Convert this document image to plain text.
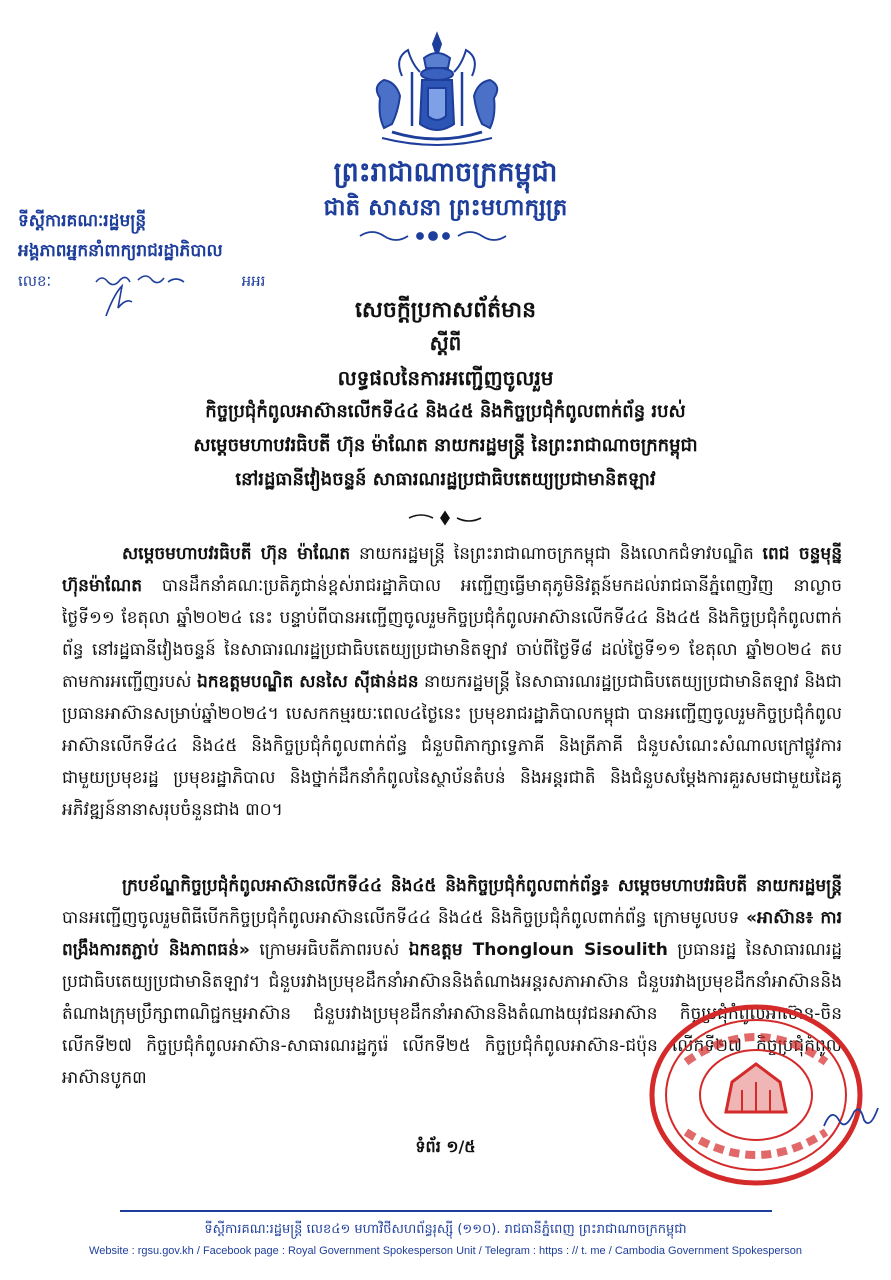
ព្រះរាជាណាចក្រកម្ពុជា
ជាតិ សាសនា ព្រះមហាក្សត្រ
ទីស្តីការគណៈរដ្ឋមន្ត្រី
អង្គភាពអ្នកនាំពាក្យរាជរដ្ឋាភិបាល
លេខៈ	អអរ
សេចក្តីប្រកាសព័ត៌មាន
ស្តីពី
លទ្ធផលនៃការអញ្ជើញចូលរួម
កិច្ចប្រជុំកំពូលអាស៊ានលើកទី៤៤ និង៤៥ និងកិច្ចប្រជុំកំពូលពាក់ព័ន្ធ របស់
សម្តេចមហាបវរធិបតី ហ៊ុន ម៉ាណែត នាយករដ្ឋមន្ត្រី នៃព្រះរាជាណាចក្រកម្ពុជា
នៅរដ្ឋធានីវៀងចន្ទន៍ សាធារណរដ្ឋប្រជាធិបតេយ្យប្រជាមានិតឡាវ
សម្តេចមហាបវរធិបតី ហ៊ុន ម៉ាណែត នាយករដ្ឋមន្ត្រី នៃព្រះរាជាណាចក្រកម្ពុជា និងលោកជំទាវបណ្ឌិត ពេជ ចន្ទមុន្នី ហ៊ុនម៉ាណែត បានដឹកនាំគណៈប្រតិភូជាន់ខ្ពស់រាជរដ្ឋាភិបាល អញ្ជើញធ្វើមាតុភូមិនិវត្តន៍មកដល់រាជធានីភ្នំពេញវិញ នាល្ងាចថ្ងៃទី១១ ខែតុលា ឆ្នាំ២០២៤ នេះ បន្ទាប់ពីបានអញ្ជើញចូលរួមកិច្ចប្រជុំកំពូលអាស៊ានលើកទី៤៤ និង៤៥ និងកិច្ចប្រជុំកំពូលពាក់ព័ន្ធ នៅរដ្ឋធានីវៀងចន្ទន៍ នៃសាធារណរដ្ឋប្រជាធិបតេយ្យប្រជាមានិតឡាវ ចាប់ពីថ្ងៃទី៨ ដល់ថ្ងៃទី១១ ខែតុលា ឆ្នាំ២០២៤ តបតាមការអញ្ជើញរបស់ ឯកឧត្តមបណ្ឌិត សនសៃ ស៊ីផាន់ដន នាយករដ្ឋមន្ត្រី នៃសាធារណរដ្ឋប្រជាធិបតេយ្យប្រជាមានិតឡាវ និងជាប្រធានអាស៊ានសម្រាប់ឆ្នាំ២០២៤។ បេសកកម្មរយៈពេល៤ថ្ងៃនេះ ប្រមុខរាជរដ្ឋាភិបាលកម្ពុជា បានអញ្ជើញចូលរួមកិច្ចប្រជុំកំពូលអាស៊ានលើកទី៤៤ និង៤៥ និងកិច្ចប្រជុំកំពូលពាក់ព័ន្ធ ជំនួបពិភាក្សាទ្វេភាគី និងត្រីភាគី ជំនួបសំណេះសំណាលក្រៅផ្លូវការជាមួយប្រមុខរដ្ឋ ប្រមុខរដ្ឋាភិបាល និងថ្នាក់ដឹកនាំកំពូលនៃស្ថាប័នតំបន់ និងអន្តរជាតិ និងជំនួបសម្តែងការគួរសមជាមួយដៃគូអភិវឌ្ឍន៍នានាសរុបចំនួនជាង ៣០។
ក្របខ័ណ្ឌកិច្ចប្រជុំកំពូលអាស៊ានលើកទី៤៤ និង៤៥ និងកិច្ចប្រជុំកំពូលពាក់ព័ន្ធ៖ សម្តេចមហាបវរធិបតី នាយករដ្ឋមន្ត្រី បានអញ្ជើញចូលរួមពិធីបើកកិច្ចប្រជុំកំពូលអាស៊ានលើកទី៤៤ និង៤៥ និងកិច្ចប្រជុំកំពូលពាក់ព័ន្ធ ក្រោមមូលបទ «អាស៊ាន៖ ការពង្រឹងការតភ្ជាប់ និងភាពធន់» ក្រោមអធិបតីភាពរបស់ ឯកឧត្តម Thongloun Sisoulith ប្រធានរដ្ឋ នៃសាធារណរដ្ឋប្រជាធិបតេយ្យប្រជាមានិតឡាវ។ ជំនួបរវាងប្រមុខដឹកនាំអាស៊ាននិងតំណាងអន្តរសភាអាស៊ាន ជំនួបរវាងប្រមុខដឹកនាំអាស៊ាននិងតំណាងក្រុមប្រឹក្សាពាណិជ្ជកម្មអាស៊ាន ជំនួបរវាងប្រមុខដឹកនាំអាស៊ាននិងតំណាងយុវជនអាស៊ាន កិច្ចប្រជុំកំពូលអាស៊ាន-ចិន លើកទី២៧ កិច្ចប្រជុំកំពូលអាស៊ាន-សាធារណរដ្ឋកូរ៉េ លើកទី២៥ កិច្ចប្រជុំកំពូលអាស៊ាន-ជប៉ុន លើកទី២៧ កិច្ចប្រជុំកំពូលអាស៊ានបូក៣
ទំព័រ ១/៥
ទីស្តីការគណៈរដ្ឋមន្ត្រី លេខ៤១ មហាវិថីសហព័ន្ធរុស្ស៊ី (១១០). រាជធានីភ្នំពេញ ព្រះរាជាណាចក្រកម្ពុជា
Website : rgsu.gov.kh / Facebook page : Royal Government Spokesperson Unit / Telegram : https : // t. me / Cambodia Government Spokesperson
